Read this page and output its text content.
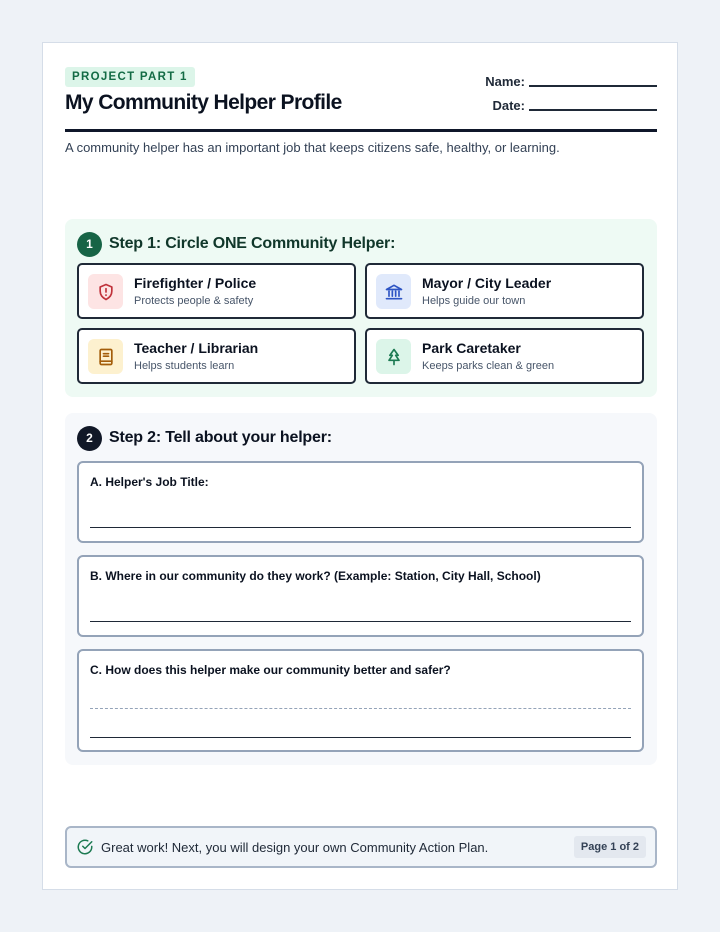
PROJECT PART 1
My Community Helper Profile
Name:
Date:
A community helper has an important job that keeps citizens safe, healthy, or learning.
1	Step 1: Circle ONE Community Helper:
Firefighter / Police
Protects people & safety
Mayor / City Leader
Helps guide our town
Teacher / Librarian
Helps students learn
Park Caretaker
Keeps parks clean & green
2	Step 2: Tell about your helper:
A. Helper's Job Title:
B. Where in our community do they work? (Example: Station, City Hall, School)
C. How does this helper make our community better and safer?
Great work! Next, you will design your own Community Action Plan.	Page 1 of 2
